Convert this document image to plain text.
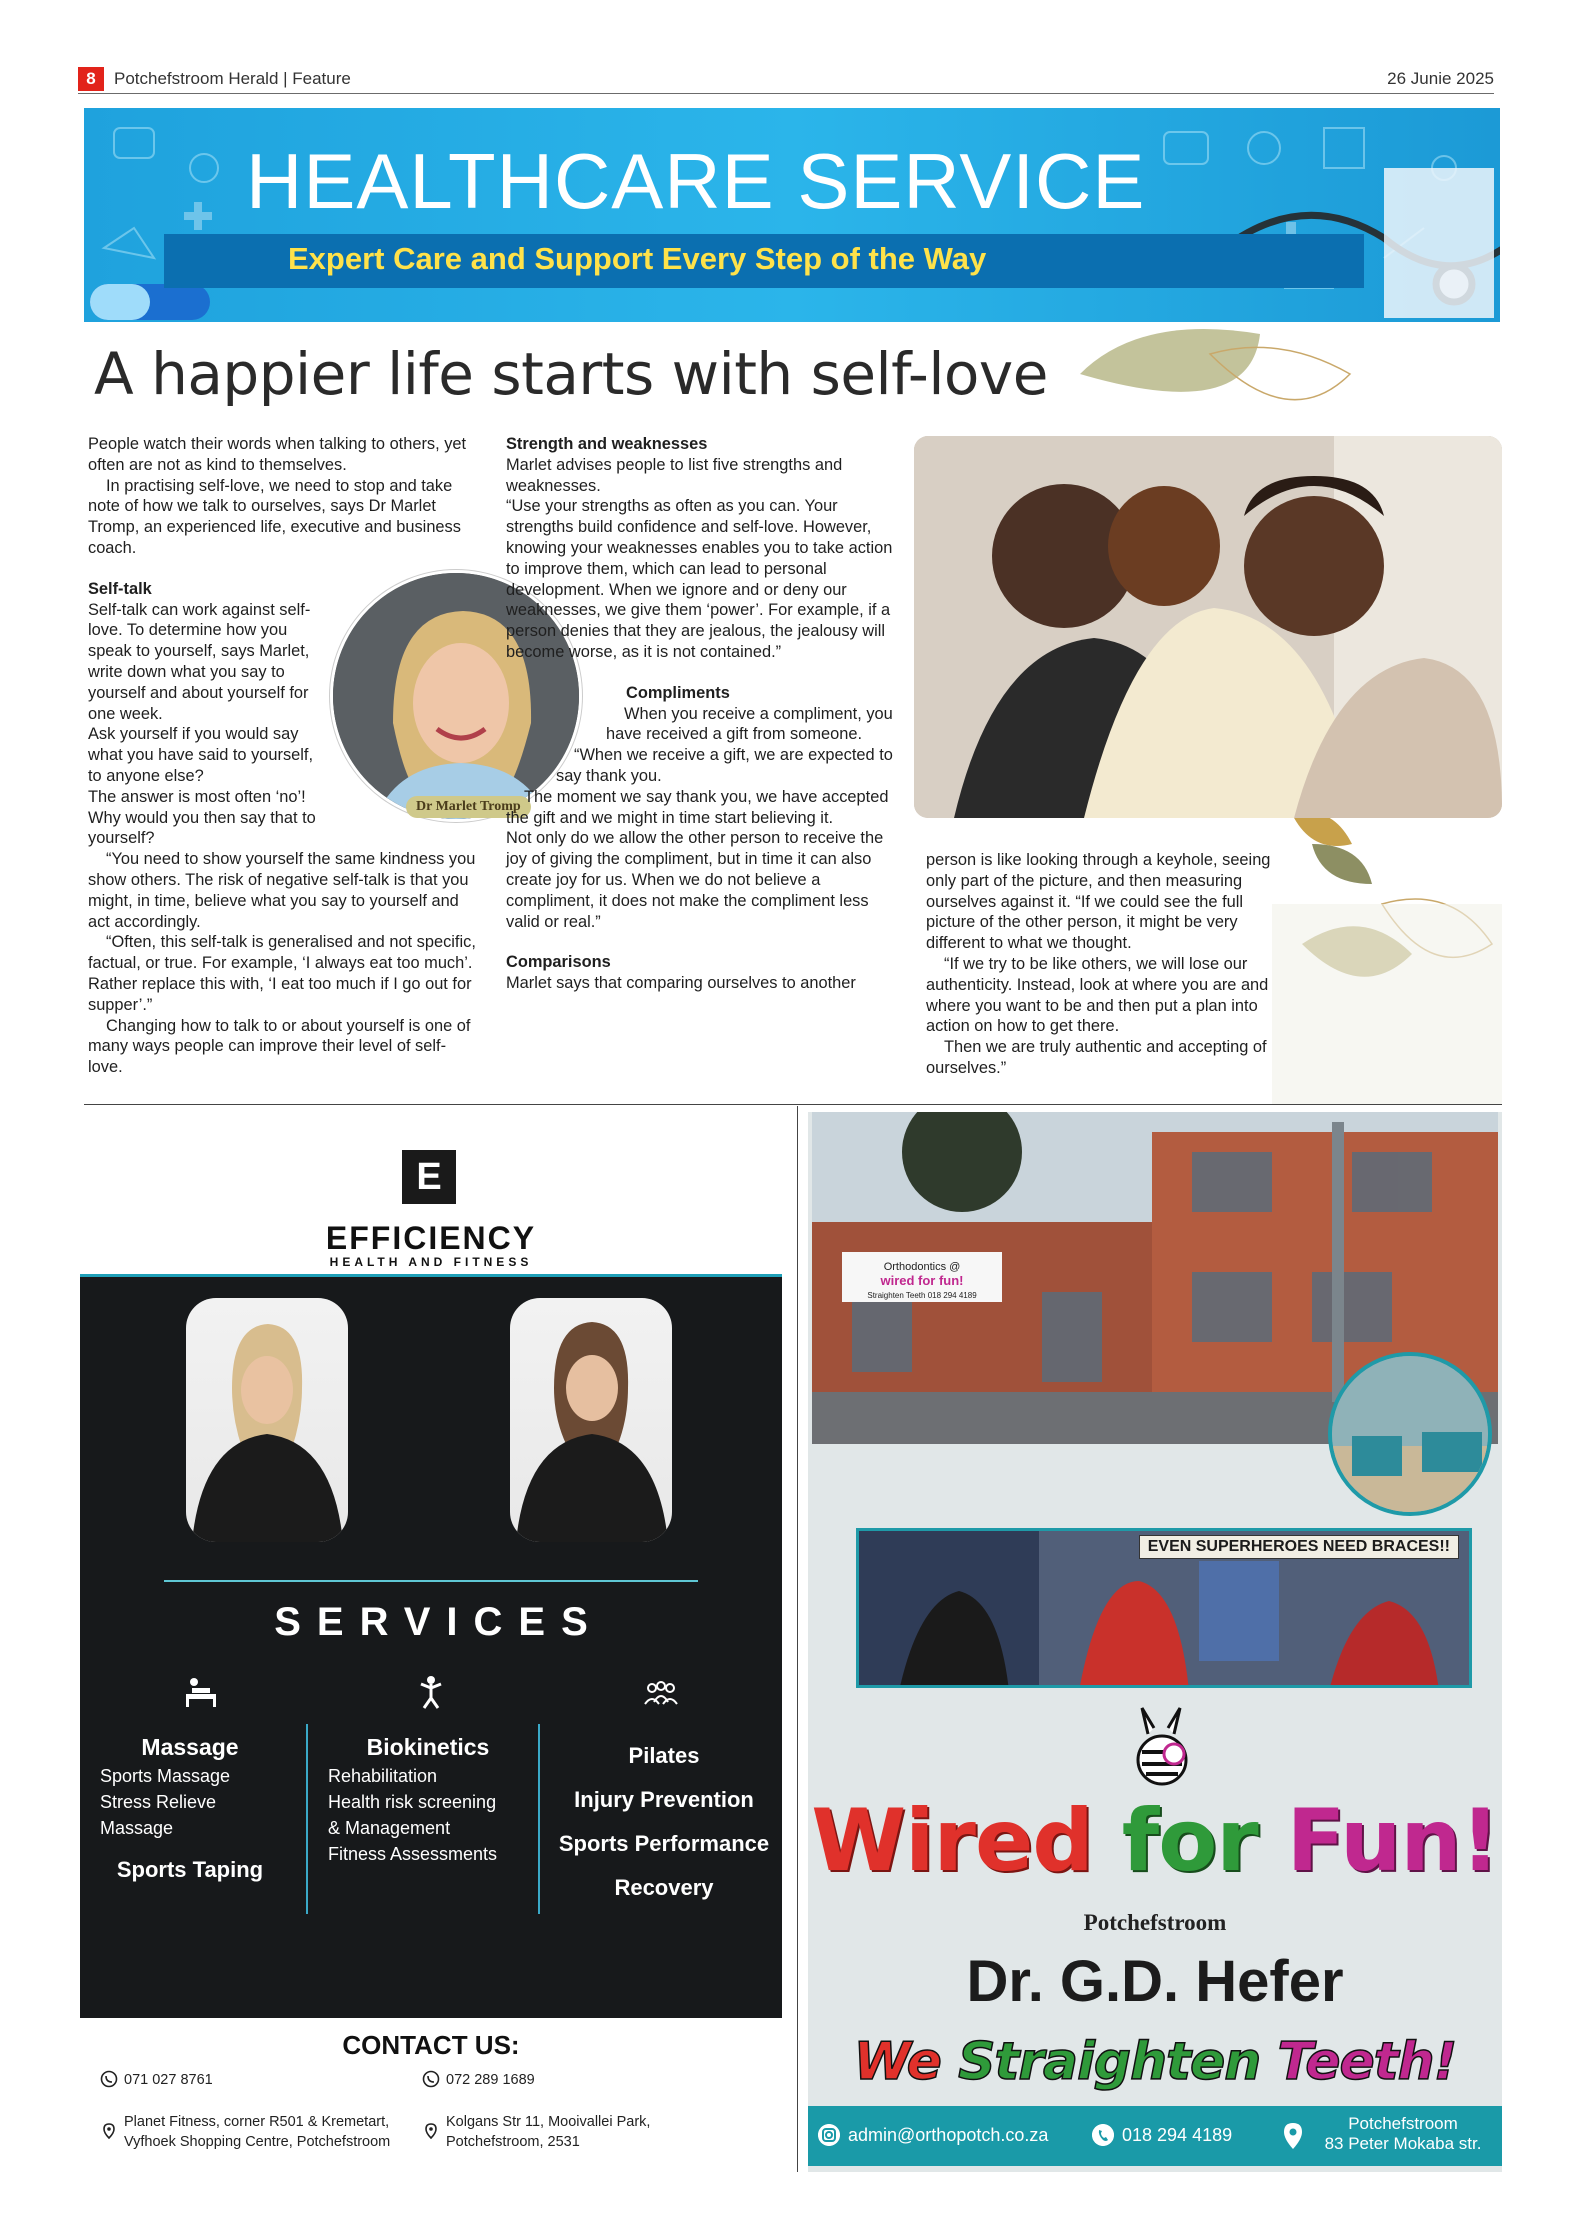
8	Potchefstroom Herald | Feature	26 Junie 2025
HEALTHCARE SERVICE
Expert Care and Support Every Step of the Way
A happier life starts with self-love

People watch their words when talking to others, yet often are not as kind to themselves.

In practising self-love, we need to stop and take note of how we talk to ourselves, says Dr Marlet Tromp, an experienced life, executive and business coach.

Self-talk

Self-talk can work against self-love. To determine how you speak to yourself, says Marlet, write down what you say to yourself and about yourself for one week.

Ask yourself if you would say what you have said to yourself, to anyone else?

The answer is most often ‘no’! Why would you then say that to yourself?

“You need to show yourself the same kindness you show others. The risk of negative self-talk is that you might, in time, believe what you say to yourself and act accordingly.

“Often, this self-talk is generalised and not specific, factual, or true. For example, ‘I always eat too much’. Rather replace this with, ‘I eat too much if I go out for supper’.”

Changing how to talk to or about yourself is one of many ways people can improve their level of self-love.

Dr Marlet Tromp
Strength and weaknesses

Marlet advises people to list five strengths and weaknesses.

“Use your strengths as often as you can. Your strengths build confidence and self-love. However, knowing your weaknesses enables you to take action to improve them, which can lead to personal development. When we ignore and or deny our weaknesses, we give them ‘power’. For example, if a person denies that they are jealous, the jealousy will become worse, as it is not contained.”

Compliments

When you receive a compliment, you have received a gift from someone.

“When we receive a gift, we are expected to say thank you.

The moment we say thank you, we have accepted the gift and we might in time start believing it.

Not only do we allow the other person to receive the joy of giving the compliment, but in time it can also create joy for us. When we do not believe a compliment, it does not make the compliment less valid or real.”

Comparisons

Marlet says that comparing ourselves to another

person is like looking through a keyhole, seeing only part of the picture, and then measuring ourselves against it. “If we could see the full picture of the other person, it might be very different to what we thought.

“If we try to be like others, we will lose our authenticity. Instead, look at where you are and where you want to be and then put a plan into action on how to get there.

Then we are truly authentic and accepting of ourselves.”

E
EFFICIENCY
HEALTH AND FITNESS
SERVICES
Massage
Sports Massage
Stress Relieve
Massage
Sports Taping
Biokinetics
Rehabilitation
Health risk screening
& Management
Fitness Assessments
Pilates
Injury Prevention
Sports Performance
Recovery
CONTACT US:
071 027 8761	072 289 1689
Planet Fitness, corner R501 & Kremetart,
Vyfhoek Shopping Centre, Potchefstroom
Kolgans Str 11, Mooivallei Park,
Potchefstroom, 2531
Orthodontics @
wired for fun!
Straighten Teeth 018 294 4189
EVEN SUPERHEROES NEED BRACES!!
Wired for Fun!
Potchefstroom
Dr. G.D. Hefer
We Straighten Teeth!
admin@orthopotch.co.za	018 294 4189
Potchefstroom
83 Peter Mokaba str.
